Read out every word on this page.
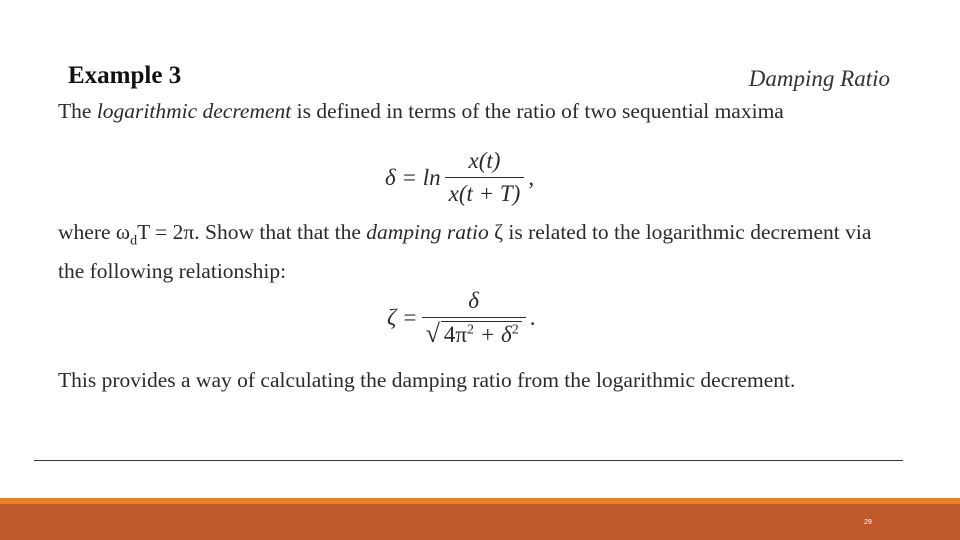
Example 3	Damping Ratio
The logarithmic decrement is defined in terms of the ratio of two sequential maxima
$\delta = \ln \frac{x(t)}{x(t + T)}$ ,
where $\omega_dT = 2\pi$. Show that that the damping ratio ζ is related to the logarithmic decrement via the following relationship:
$\zeta = \frac{\delta}{√ 4\pi^2 + \delta^2}$ .
This provides a way of calculating the damping ratio from the logarithmic decrement.
29
